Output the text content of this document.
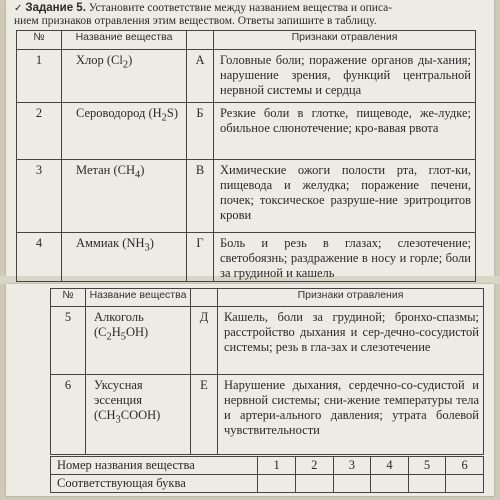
✓ Задание 5. Установите соответствие между названием вещества и описа-
нием признаков отравления этим веществом. Ответы запишите в таблицу.
№	Название вещества		Признаки отравления
1	Хлор $(Cl_2)$	А	Головные боли; поражение органов ды-хания; нарушение зрения, функций центральной нервной системы и сердца
2	Сероводород $(H_2S)$	Б	Резкие боли в глотке, пищеводе, же-лудке; обильное слюнотечение; кро-вавая рвота
3	Метан $(CH_4)$	В	Химические ожоги полости рта, глот-ки, пищевода и желудка; поражение печени, почек; токсическое разруше-ние эритроцитов крови
4	Аммиак $(NH_3)$	Г	Боль и резь в глазах; слезотечение; светобоязнь; раздражение в носу и горле; боли за грудиной и кашель
№	Название вещества		Признаки отравления
5	Алкоголь
$(C_2H_5OH)$	Д	Кашель, боли за грудиной; бронхо-спазмы; расстройство дыхания и сер-дечно-сосудистой системы; резь в гла-зах и слезотечение
6	Уксусная
эссенция
$(CH_3COOH)$	Е	Нарушение дыхания, сердечно-со-судистой и нервной системы; сни-жение температуры тела и артери-ального давления; утрата болевой чувствительности
Номер названия вещества	1	2	3	4	5	6
Соответствующая буква						
